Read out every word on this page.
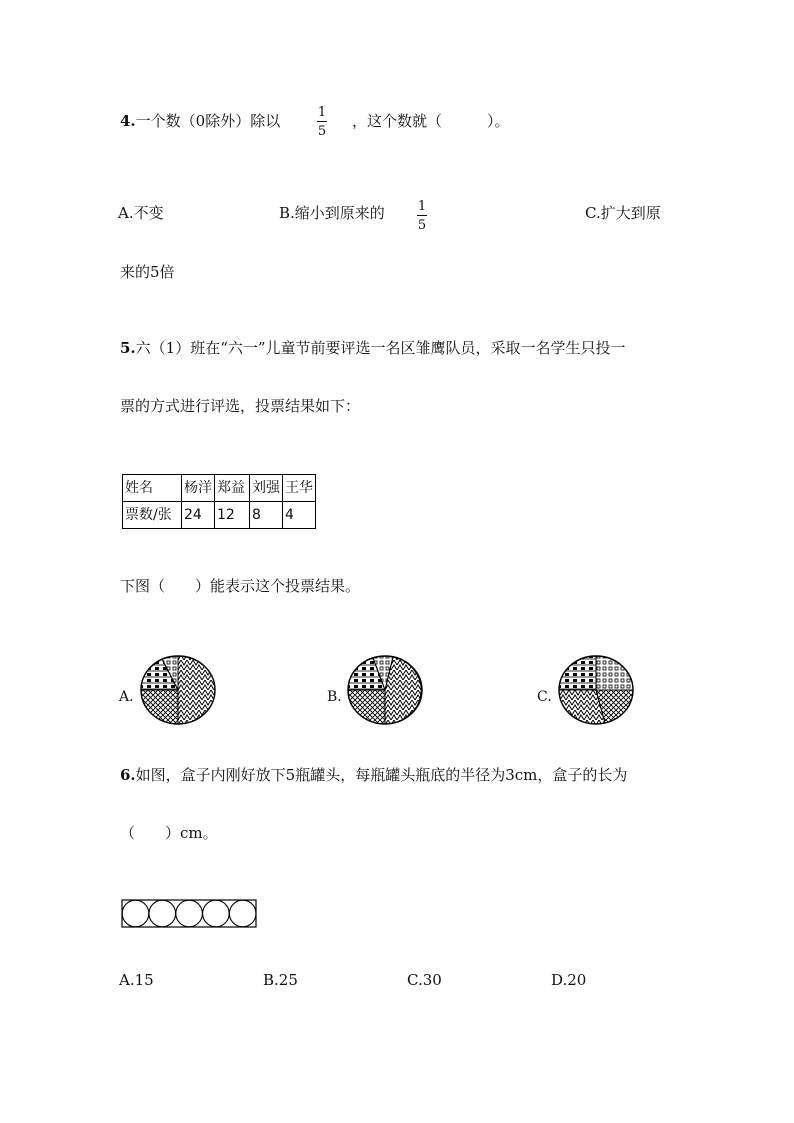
4.一个数（0除外）除以	1
5
，这个数就（　　　）。
A.不变	B.缩小到原来的	1
5
C.扩大到原
来的5倍
5.六（1）班在“六一”儿童节前要评选一名区雏鹰队员，采取一名学生只投一
票的方式进行评选，投票结果如下：
姓名	杨洋	郑益	刘强	王华
票数/张	24	12	8	4
下图（　　）能表示这个投票结果。
A.	B.	C.
6.如图，盒子内刚好放下5瓶罐头，每瓶罐头瓶底的半径为3cm，盒子的长为
（　　）cm。
A.15	B.25	C.30	D.20
